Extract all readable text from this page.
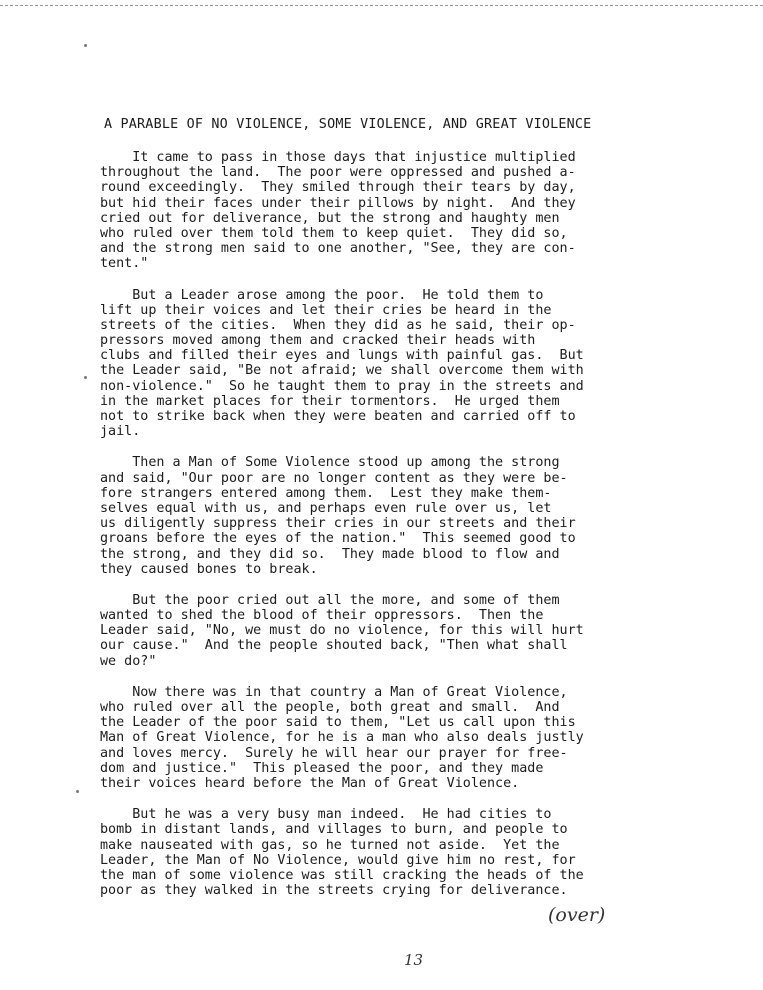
A PARABLE OF NO VIOLENCE, SOME VIOLENCE, AND GREAT VIOLENCE

It came to pass in those days that injustice multiplied
throughout the land.  The poor were oppressed and pushed a-
round exceedingly.  They smiled through their tears by day,
but hid their faces under their pillows by night.  And they
cried out for deliverance, but the strong and haughty men
who ruled over them told them to keep quiet.  They did so,
and the strong men said to one another, "See, they are con-
tent."

But a Leader arose among the poor.  He told them to
lift up their voices and let their cries be heard in the
streets of the cities.  When they did as he said, their op-
pressors moved among them and cracked their heads with
clubs and filled their eyes and lungs with painful gas.  But
the Leader said, "Be not afraid; we shall overcome them with
non-violence."  So he taught them to pray in the streets and
in the market places for their tormentors.  He urged them
not to strike back when they were beaten and carried off to
jail.

Then a Man of Some Violence stood up among the strong
and said, "Our poor are no longer content as they were be-
fore strangers entered among them.  Lest they make them-
selves equal with us, and perhaps even rule over us, let
us diligently suppress their cries in our streets and their
groans before the eyes of the nation."  This seemed good to
the strong, and they did so.  They made blood to flow and
they caused bones to break.

But the poor cried out all the more, and some of them
wanted to shed the blood of their oppressors.  Then the
Leader said, "No, we must do no violence, for this will hurt
our cause."  And the people shouted back, "Then what shall
we do?"

Now there was in that country a Man of Great Violence,
who ruled over all the people, both great and small.  And
the Leader of the poor said to them, "Let us call upon this
Man of Great Violence, for he is a man who also deals justly
and loves mercy.  Surely he will hear our prayer for free-
dom and justice."  This pleased the poor, and they made
their voices heard before the Man of Great Violence.

But he was a very busy man indeed.  He had cities to
bomb in distant lands, and villages to burn, and people to
make nauseated with gas, so he turned not aside.  Yet the
Leader, the Man of No Violence, would give him no rest, for
the man of some violence was still cracking the heads of the
poor as they walked in the streets crying for deliverance.

(over)
13
